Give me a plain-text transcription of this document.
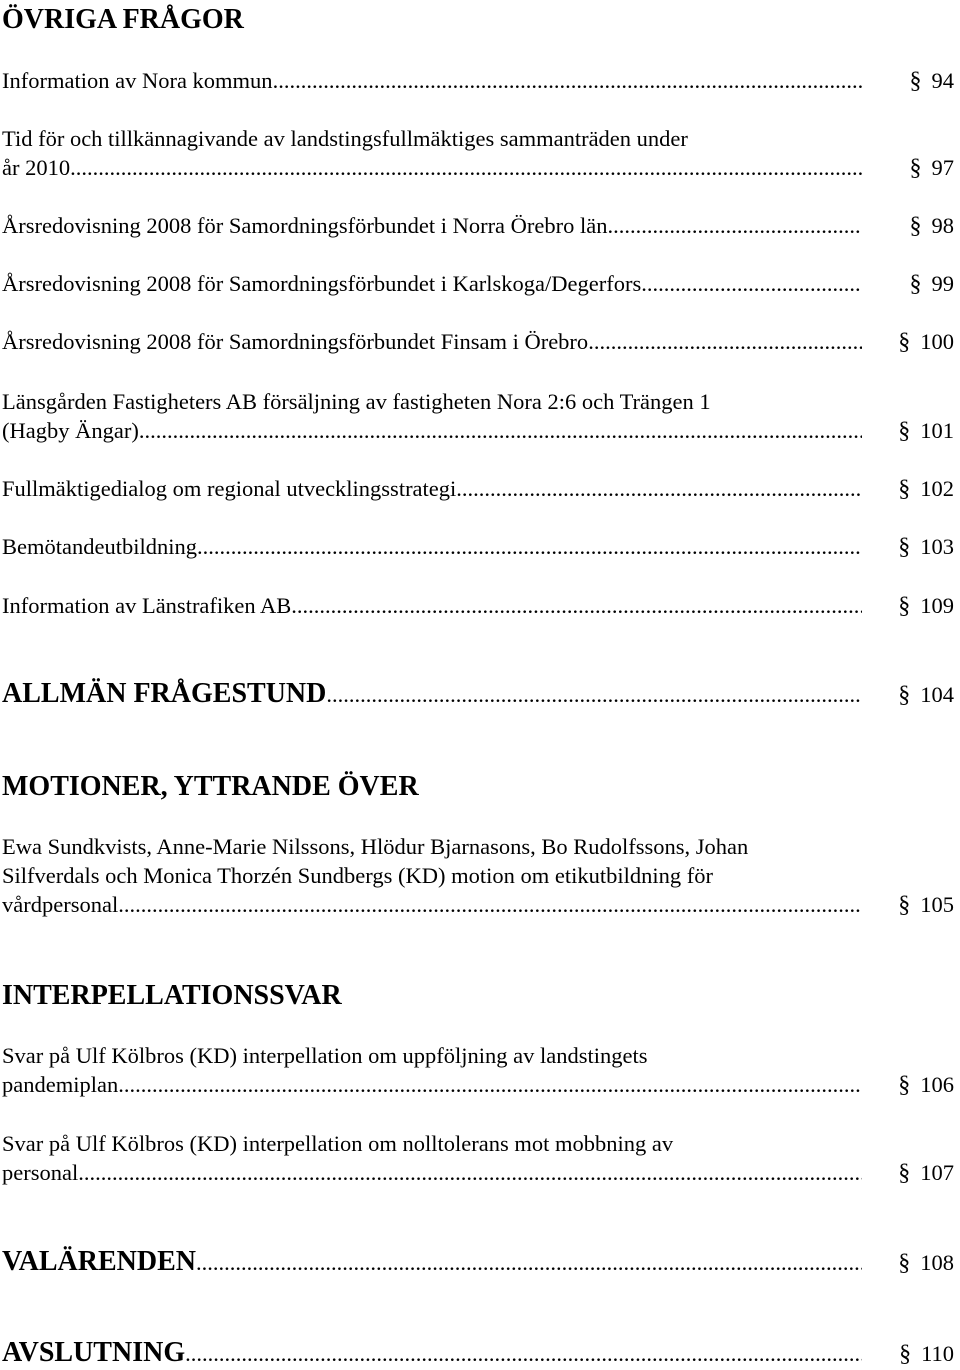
ÖVRIGA FRÅGOR
Information av Nora kommun .....	§ 94
Tid för och tillkännagivande av landstingsfullmäktiges sammanträden under
år 2010 .....	§ 97
Årsredovisning 2008 för Samordningsförbundet i Norra Örebro län .....	§ 98
Årsredovisning 2008 för Samordningsförbundet i Karlskoga/Degerfors .....	§ 99
Årsredovisning 2008 för Samordningsförbundet Finsam i Örebro .....	§ 100
Länsgården Fastigheters AB försäljning av fastigheten Nora 2:6 och Trängen 1
(Hagby Ängar) .....	§ 101
Fullmäktigedialog om regional utvecklingsstrategi .....	§ 102
Bemötandeutbildning .....	§ 103
Information av Länstrafiken AB .....	§ 109
ALLMÄN FRÅGESTUND .....	§ 104
MOTIONER, YTTRANDE ÖVER
Ewa Sundkvists, Anne-Marie Nilssons, Hlödur Bjarnasons, Bo Rudolfssons, Johan
Silfverdals och Monica Thorzén Sundbergs (KD) motion om etikutbildning för
vårdpersonal .....	§ 105
INTERPELLATIONSSVAR
Svar på Ulf Kölbros (KD) interpellation om uppföljning av landstingets
pandemiplan .....	§ 106
Svar på Ulf Kölbros (KD) interpellation om nolltolerans mot mobbning av
personal .....	§ 107
VALÄRENDEN .....	§ 108
AVSLUTNING .....	§ 110
